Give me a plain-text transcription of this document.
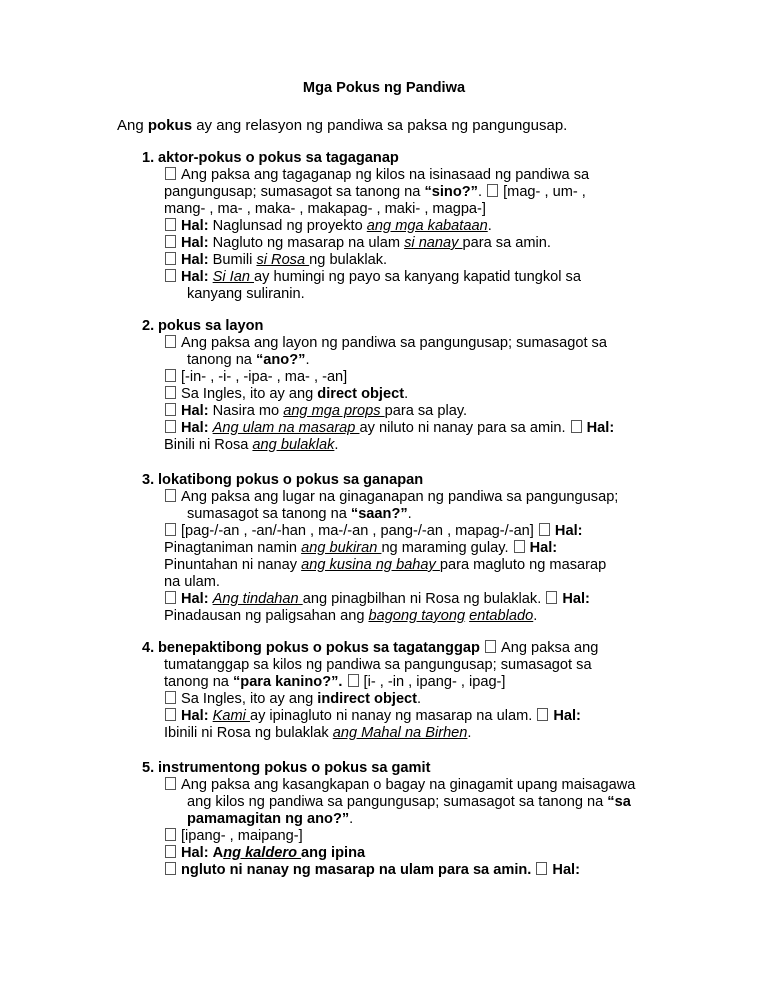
Mga Pokus ng Pandiwa
Ang pokus ay ang relasyon ng pandiwa sa paksa ng pangungusap.
1. aktor-pokus o pokus sa tagaganap
Ang paksa ang tagaganap ng kilos na isinasaad ng pandiwa sa
pangungusap; sumasagot sa tanong na “sino?”. [mag- , um- ,
mang- , ma- , maka- , makapag- , maki- , magpa-]
Hal: Naglunsad ng proyekto ang mga kabataan.
Hal: Nagluto ng masarap na ulam si nanay para sa amin.
Hal: Bumili si Rosa ng bulaklak.
Hal: Si Ian ay humingi ng payo sa kanyang kapatid tungkol sa
kanyang suliranin.
2. pokus sa layon
Ang paksa ang layon ng pandiwa sa pangungusap; sumasagot sa
tanong na “ano?”.
[-in- , -i- , -ipa- , ma- , -an]
Sa Ingles, ito ay ang direct object.
Hal: Nasira mo ang mga props para sa play.
Hal: Ang ulam na masarap ay niluto ni nanay para sa amin. Hal:
Binili ni Rosa ang bulaklak.
3. lokatibong pokus o pokus sa ganapan
Ang paksa ang lugar na ginaganapan ng pandiwa sa pangungusap;
sumasagot sa tanong na “saan?”.
[pag-/-an , -an/-han , ma-/-an , pang-/-an , mapag-/-an] Hal:
Pinagtaniman namin ang bukiran ng maraming gulay. Hal:
Pinuntahan ni nanay ang kusina ng bahay para magluto ng masarap
na ulam.
Hal: Ang tindahan ang pinagbilhan ni Rosa ng bulaklak. Hal:
Pinadausan ng paligsahan ang bagong tayong entablado.
4. benepaktibong pokus o pokus sa tagatanggap Ang paksa ang
tumatanggap sa kilos ng pandiwa sa pangungusap; sumasagot sa
tanong na “para kanino?”. [i- , -in , ipang- , ipag-]
Sa Ingles, ito ay ang indirect object.
Hal: Kami ay ipinagluto ni nanay ng masarap na ulam. Hal:
Ibinili ni Rosa ng bulaklak ang Mahal na Birhen.
5. instrumentong pokus o pokus sa gamit
Ang paksa ang kasangkapan o bagay na ginagamit upang maisagawa
ang kilos ng pandiwa sa pangungusap; sumasagot sa tanong na “sa
pamamagitan ng ano?”.
[ipang- , maipang-]
Hal: Ang kaldero ang ipina
ngluto ni nanay ng masarap na ulam para sa amin. Hal:
